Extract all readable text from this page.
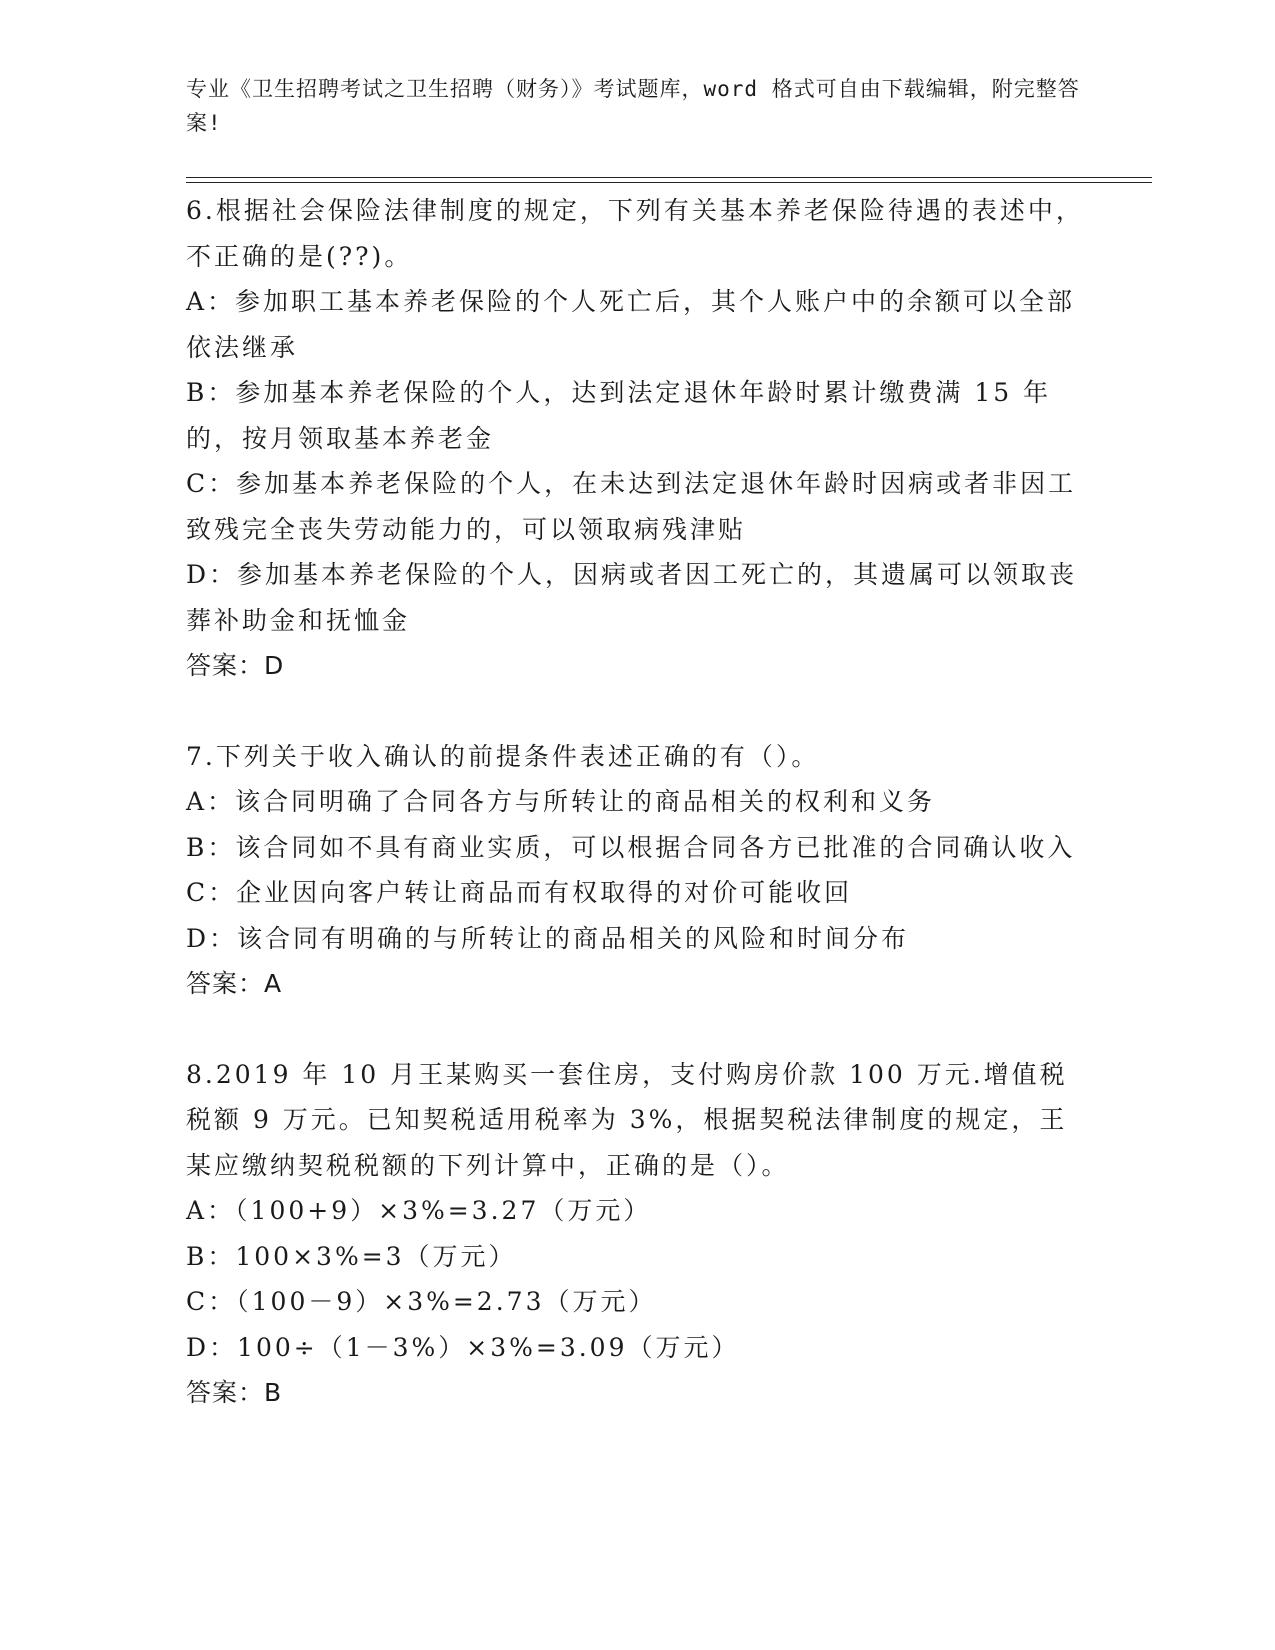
专业《卫生招聘考试之卫生招聘（财务）》考试题库，word 格式可自由下载编辑，附完整答案!

6.根据社会保险法律制度的规定，下列有关基本养老保险待遇的表述中，不正确的是(??)。

A：参加职工基本养老保险的个人死亡后，其个人账户中的余额可以全部依法继承

B：参加基本养老保险的个人，达到法定退休年龄时累计缴费满 15 年的，按月领取基本养老金

C：参加基本养老保险的个人，在未达到法定退休年龄时因病或者非因工致残完全丧失劳动能力的，可以领取病残津贴

D：参加基本养老保险的个人，因病或者因工死亡的，其遗属可以领取丧葬补助金和抚恤金

答案：D

7.下列关于收入确认的前提条件表述正确的有（）。

A：该合同明确了合同各方与所转让的商品相关的权利和义务

B：该合同如不具有商业实质，可以根据合同各方已批准的合同确认收入

C：企业因向客户转让商品而有权取得的对价可能收回

D：该合同有明确的与所转让的商品相关的风险和时间分布

答案：A

8.2019 年 10 月王某购买一套住房，支付购房价款 100 万元.增值税税额 9 万元。已知契税适用税率为 3%，根据契税法律制度的规定，王某应缴纳契税税额的下列计算中，正确的是（）。

A：（100+9）×3%=3.27（万元）

B：100×3%=3（万元）

C：（100－9）×3%=2.73（万元）

D：100÷（1－3%）×3%=3.09（万元）

答案：B
